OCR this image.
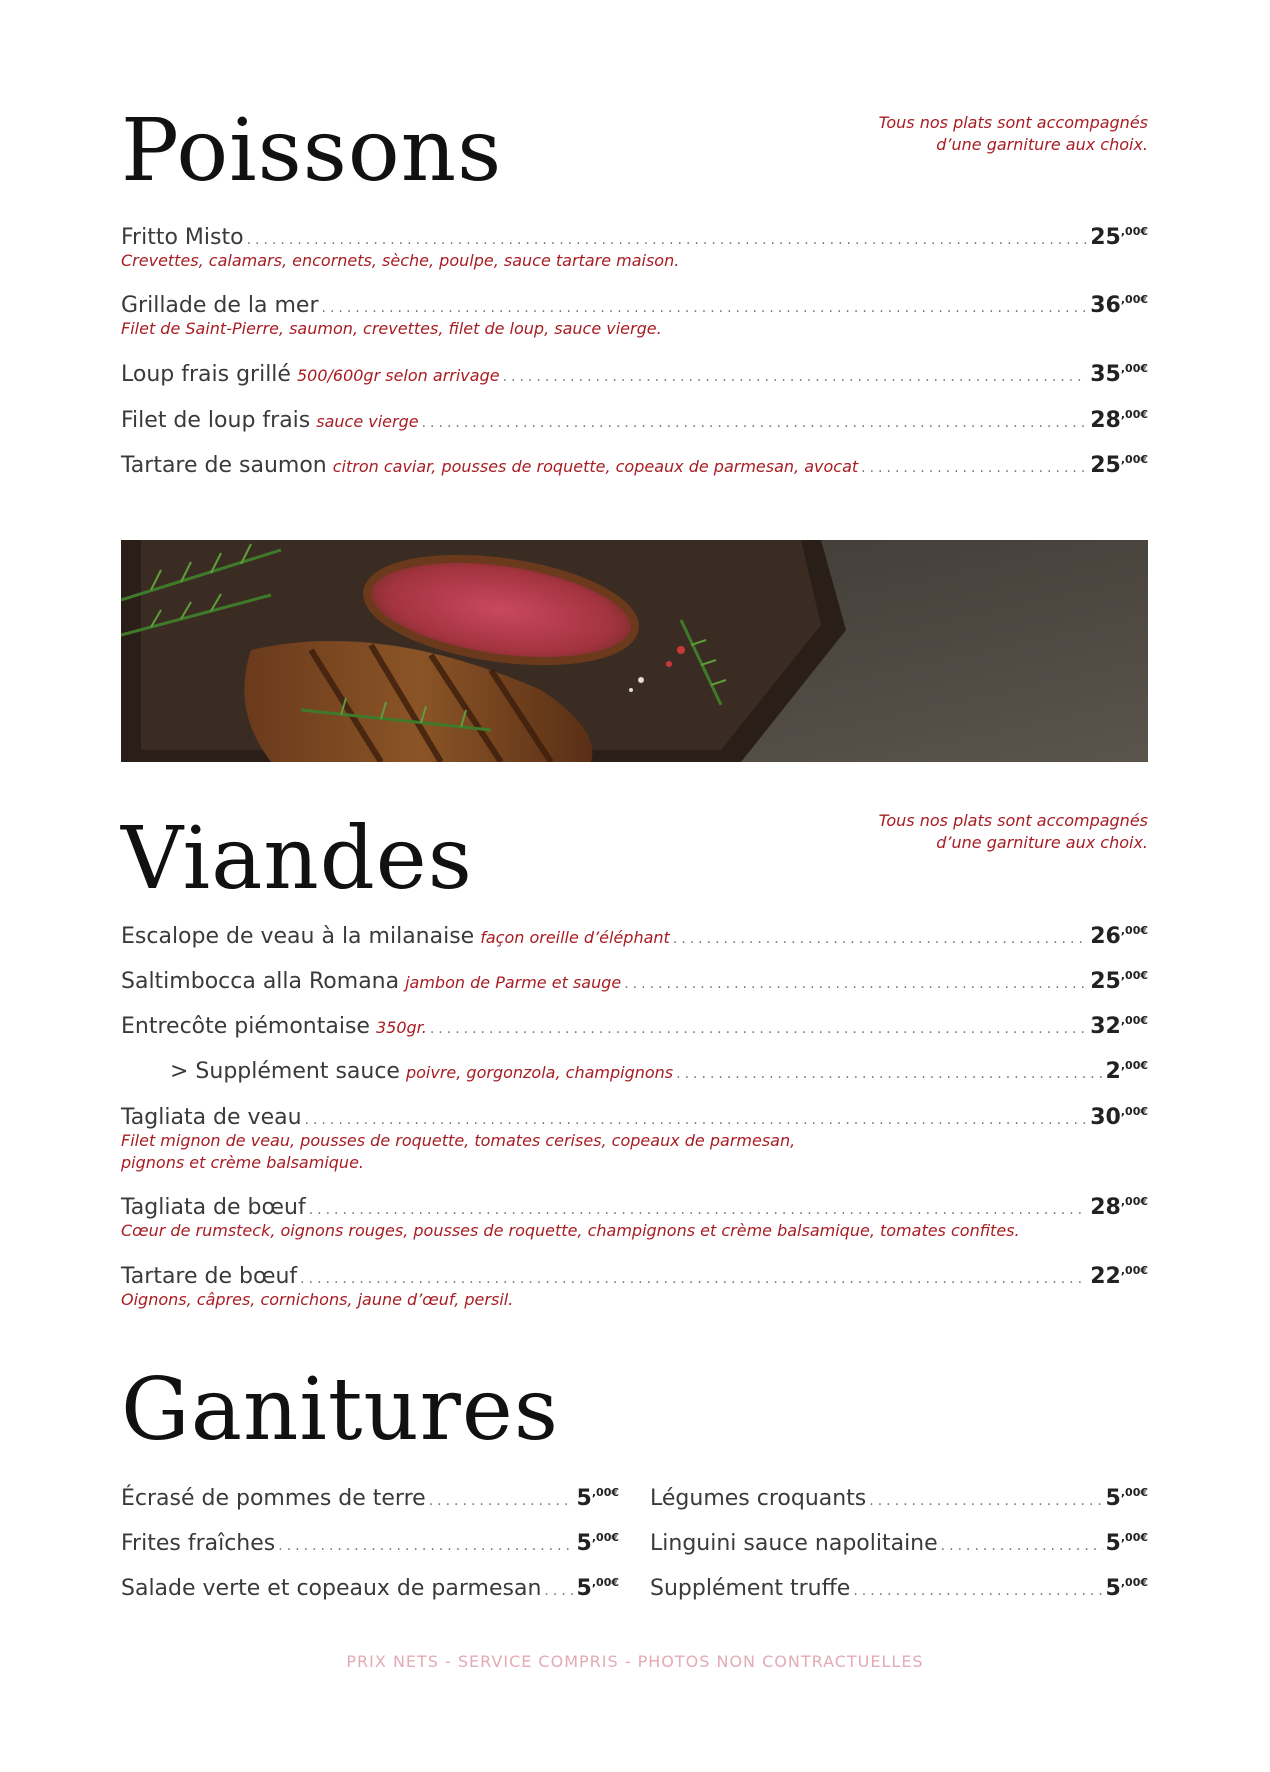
Poissons	Tous nos plats sont accompagnés
d’une garniture aux choix.
Fritto Misto .....	$25^{,00€}$
Crevettes, calamars, encornets, sèche, poulpe, sauce tartare maison.
Grillade de la mer .....	$36^{,00€}$
Filet de Saint-Pierre, saumon, crevettes, filet de loup, sauce vierge.
Loup frais grillé 500/600gr selon arrivage .....	$35^{,00€}$
Filet de loup frais sauce vierge .....	$28^{,00€}$
Tartare de saumon citron caviar, pousses de roquette, copeaux de parmesan, avocat .....	$25^{,00€}$
Viandes	Tous nos plats sont accompagnés
d’une garniture aux choix.
Escalope de veau à la milanaise façon oreille d’éléphant .....	$26^{,00€}$
Saltimbocca alla Romana jambon de Parme et sauge .....	$25^{,00€}$
Entrecôte piémontaise 350gr. .....	$32^{,00€}$
> Supplément sauce poivre, gorgonzola, champignons .....	$2^{,00€}$
Tagliata de veau .....	$30^{,00€}$
Filet mignon de veau, pousses de roquette, tomates cerises, copeaux de parmesan,
pignons et crème balsamique.
Tagliata de bœuf .....	$28^{,00€}$
Cœur de rumsteck, oignons rouges, pousses de roquette, champignons et crème balsamique, tomates confites.
Tartare de bœuf .....	$22^{,00€}$
Oignons, câpres, cornichons, jaune d’œuf, persil.
Ganitures
Écrasé de pommes de terre .....	$5^{,00€}$
Frites fraîches .....	$5^{,00€}$
Salade verte et copeaux de parmesan ..... $5^{,00€}$
Légumes croquants .....	$5^{,00€}$
Linguini sauce napolitaine .....	$5^{,00€}$
Supplément truffe .....	$5^{,00€}$
PRIX NETS - SERVICE COMPRIS - PHOTOS NON CONTRACTUELLES
